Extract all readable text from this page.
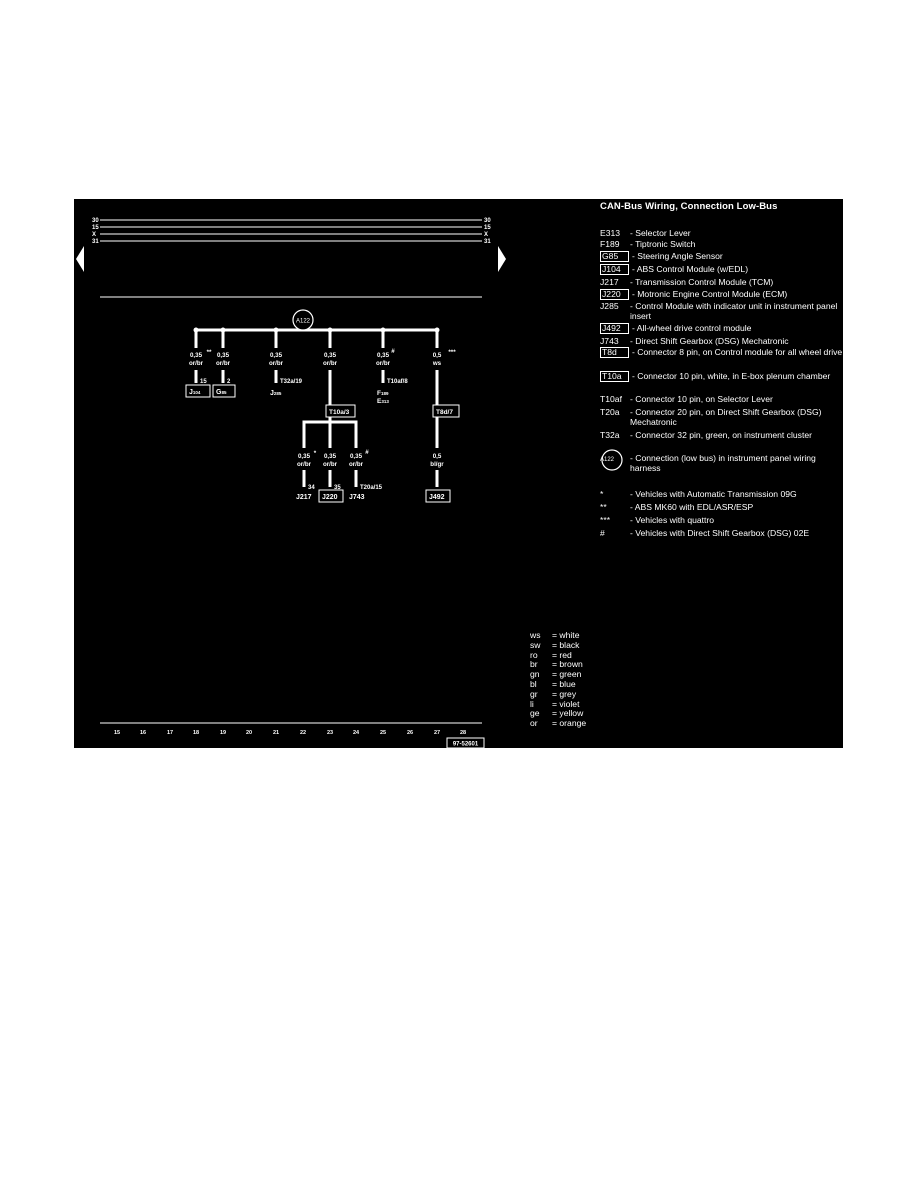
30
15
X
31
30
15
X
31
A122
0,35
or/br
** 0,35
or/br
0,35
or/br
0,35
or/br
0,35
or/br
#
0,5
ws
***
15	2	T32a/19	T10af/8
J104 G85	J285	F189
E313
T10a/3	T8d/7
0,35
or/br
* 0,35
or/br
0,35
or/br
#
0,5
bl/gr
34	35	T20a/15
J217 J220 J743	J492
15	16	17	18	19	20	21	22	23	24	25	26	27	28
97-52601
CAN-Bus Wiring, Connection Low-Bus
E313	- Selector Lever
F189	- Tiptronic Switch
G85	- Steering Angle Sensor
J104	- ABS Control Module (w/EDL)
J217	- Transmission Control Module (TCM)
J220	- Motronic Engine Control Module (ECM)
J285	- Control Module with indicator unit in instrument panel insert
J492	- All-wheel drive control module
J743	- Direct Shift Gearbox (DSG) Mechatronic
T8d	- Connector 8 pin, on Control module for all wheel drive
T10a	- Connector 10 pin, white, in E-box plenum chamber
T10af - Connector 10 pin, on Selector Lever
T20a	- Connector 20 pin, on Direct Shift Gearbox (DSG) Mechatronic
T32a	- Connector 32 pin, green, on instrument cluster
A122	- Connection (low bus) in instrument panel wiring harness
*	- Vehicles with Automatic Transmission 09G
**	- ABS MK60 with EDL/ASR/ESP
***	- Vehicles with quattro
#	- Vehicles with Direct Shift Gearbox (DSG) 02E
ws = white
sw = black
ro = red
br = brown
gn = green
bl = blue
gr = grey
li = violet
ge = yellow
or = orange
